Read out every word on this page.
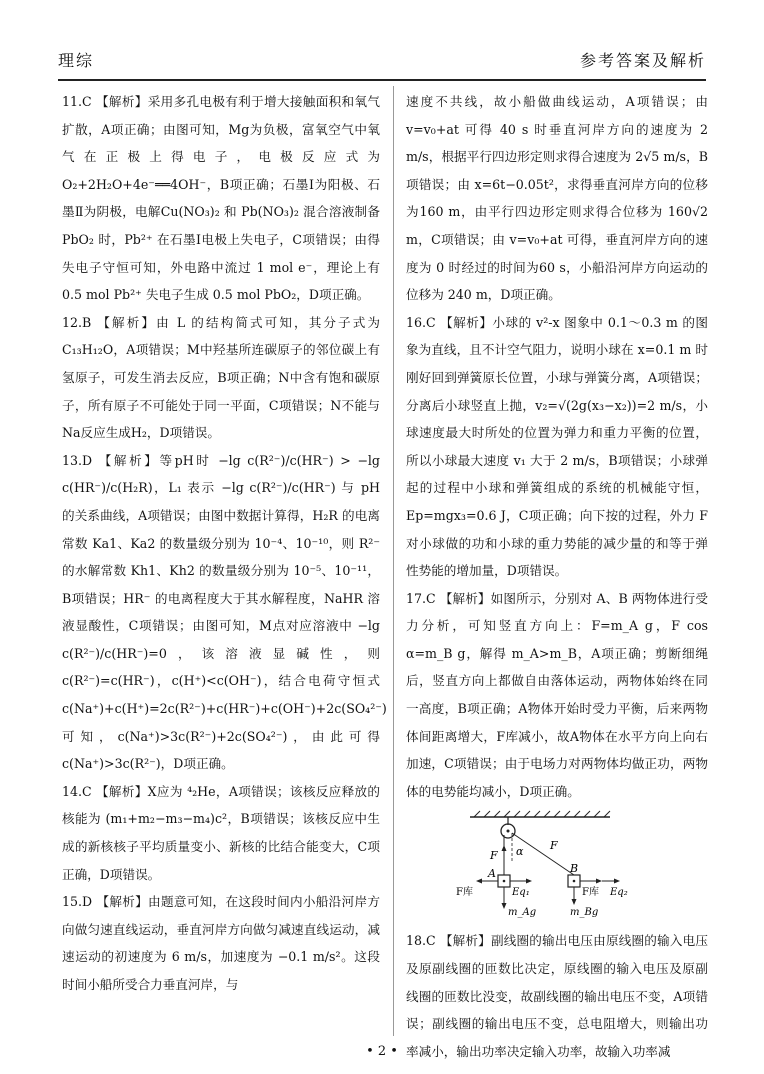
理综	参考答案及解析

11.C 【解析】采用多孔电极有利于增大接触面积和氧气扩散，A项正确；由图可知，Mg为负极，富氧空气中氧气在正极上得电子，电极反应式为 O₂+2H₂O+4e⁻══4OH⁻，B项正确；石墨Ⅰ为阳极、石墨Ⅱ为阴极，电解Cu(NO₃)₂ 和 Pb(NO₃)₂ 混合溶液制备 PbO₂ 时，Pb²⁺ 在石墨Ⅰ电极上失电子，C项错误；由得失电子守恒可知，外电路中流过 1 mol e⁻，理论上有 0.5 mol Pb²⁺ 失电子生成 0.5 mol PbO₂，D项正确。

12.B 【解析】由 L 的结构简式可知，其分子式为 C₁₃H₁₂O，A项错误；M中羟基所连碳原子的邻位碳上有氢原子，可发生消去反应，B项正确；N中含有饱和碳原子，所有原子不可能处于同一平面，C项错误；N不能与Na反应生成H₂，D项错误。

13.D 【解析】等pH时 −lg c(R²⁻)/c(HR⁻) > −lg c(HR⁻)/c(H₂R)，L₁ 表示 −lg c(R²⁻)/c(HR⁻) 与 pH 的关系曲线，A项错误；由图中数据计算得，H₂R 的电离常数 Ka1、Ka2 的数量级分别为 10⁻⁴、10⁻¹⁰，则 R²⁻ 的水解常数 Kh1、Kh2 的数量级分别为 10⁻⁵、10⁻¹¹，B项错误；HR⁻ 的电离程度大于其水解程度，NaHR 溶液显酸性，C项错误；由图可知，M点对应溶液中 −lg c(R²⁻)/c(HR⁻)=0，该溶液显碱性，则 c(R²⁻)=c(HR⁻)，c(H⁺)<c(OH⁻)，结合电荷守恒式 c(Na⁺)+c(H⁺)=2c(R²⁻)+c(HR⁻)+c(OH⁻)+2c(SO₄²⁻) 可知，c(Na⁺)>3c(R²⁻)+2c(SO₄²⁻)，由此可得 c(Na⁺)>3c(R²⁻)，D项正确。

14.C 【解析】X应为 ⁴₂He，A项错误；该核反应释放的核能为 (m₁+m₂−m₃−m₄)c²，B项错误；该核反应中生成的新核核子平均质量变小、新核的比结合能变大，C项正确，D项错误。

15.D 【解析】由题意可知，在这段时间内小船沿河岸方向做匀速直线运动，垂直河岸方向做匀减速直线运动，减速运动的初速度为 6 m/s，加速度为 −0.1 m/s²。这段时间小船所受合力垂直河岸，与

速度不共线，故小船做曲线运动，A项错误；由 v=v₀+at 可得 40 s 时垂直河岸方向的速度为 2 m/s，根据平行四边形定则求得合速度为 2√5 m/s，B项错误；由 x=6t−0.05t²，求得垂直河岸方向的位移为160 m，由平行四边形定则求得合位移为 160√2 m，C项错误；由 v=v₀+at 可得，垂直河岸方向的速度为 0 时经过的时间为60 s，小船沿河岸方向运动的位移为 240 m，D项正确。

16.C 【解析】小球的 v²-x 图象中 0.1～0.3 m 的图象为直线，且不计空气阻力，说明小球在 x=0.1 m 时刚好回到弹簧原长位置，小球与弹簧分离，A项错误；分离后小球竖直上抛，v₂=√(2g(x₃−x₂))=2 m/s，小球速度最大时所处的位置为弹力和重力平衡的位置，所以小球最大速度 v₁ 大于 2 m/s，B项错误；小球弹起的过程中小球和弹簧组成的系统的机械能守恒，Ep=mgx₃=0.6 J，C项正确；向下按的过程，外力 F 对小球做的功和小球的重力势能的减少量的和等于弹性势能的增加量，D项错误。

17.C 【解析】如图所示，分别对 A、B 两物体进行受力分析，可知竖直方向上：F=m_A g，F cos α=m_B g，解得 m_A>m_B，A项正确；剪断细绳后，竖直方向上都做自由落体运动，两物体始终在同一高度，B项正确；A物体开始时受力平衡，后来两物体间距离增大，F库减小，故A物体在水平方向上向右加速，C项错误；由于电场力对两物体均做正功，两物体的电势能均减小，D项正确。

α
A	B
F
F
F库	Eq₁	F库 Eq₂
m_Ag	m_Bg

18.C 【解析】副线圈的输出电压由原线圈的输入电压及原副线圈的匝数比决定，原线圈的输入电压及原副线圈的匝数比没变，故副线圈的输出电压不变，A项错误；副线圈的输出电压不变，总电阻增大，则输出功率减小，输出功率决定输入功率，故输入功率减

• 2 •
